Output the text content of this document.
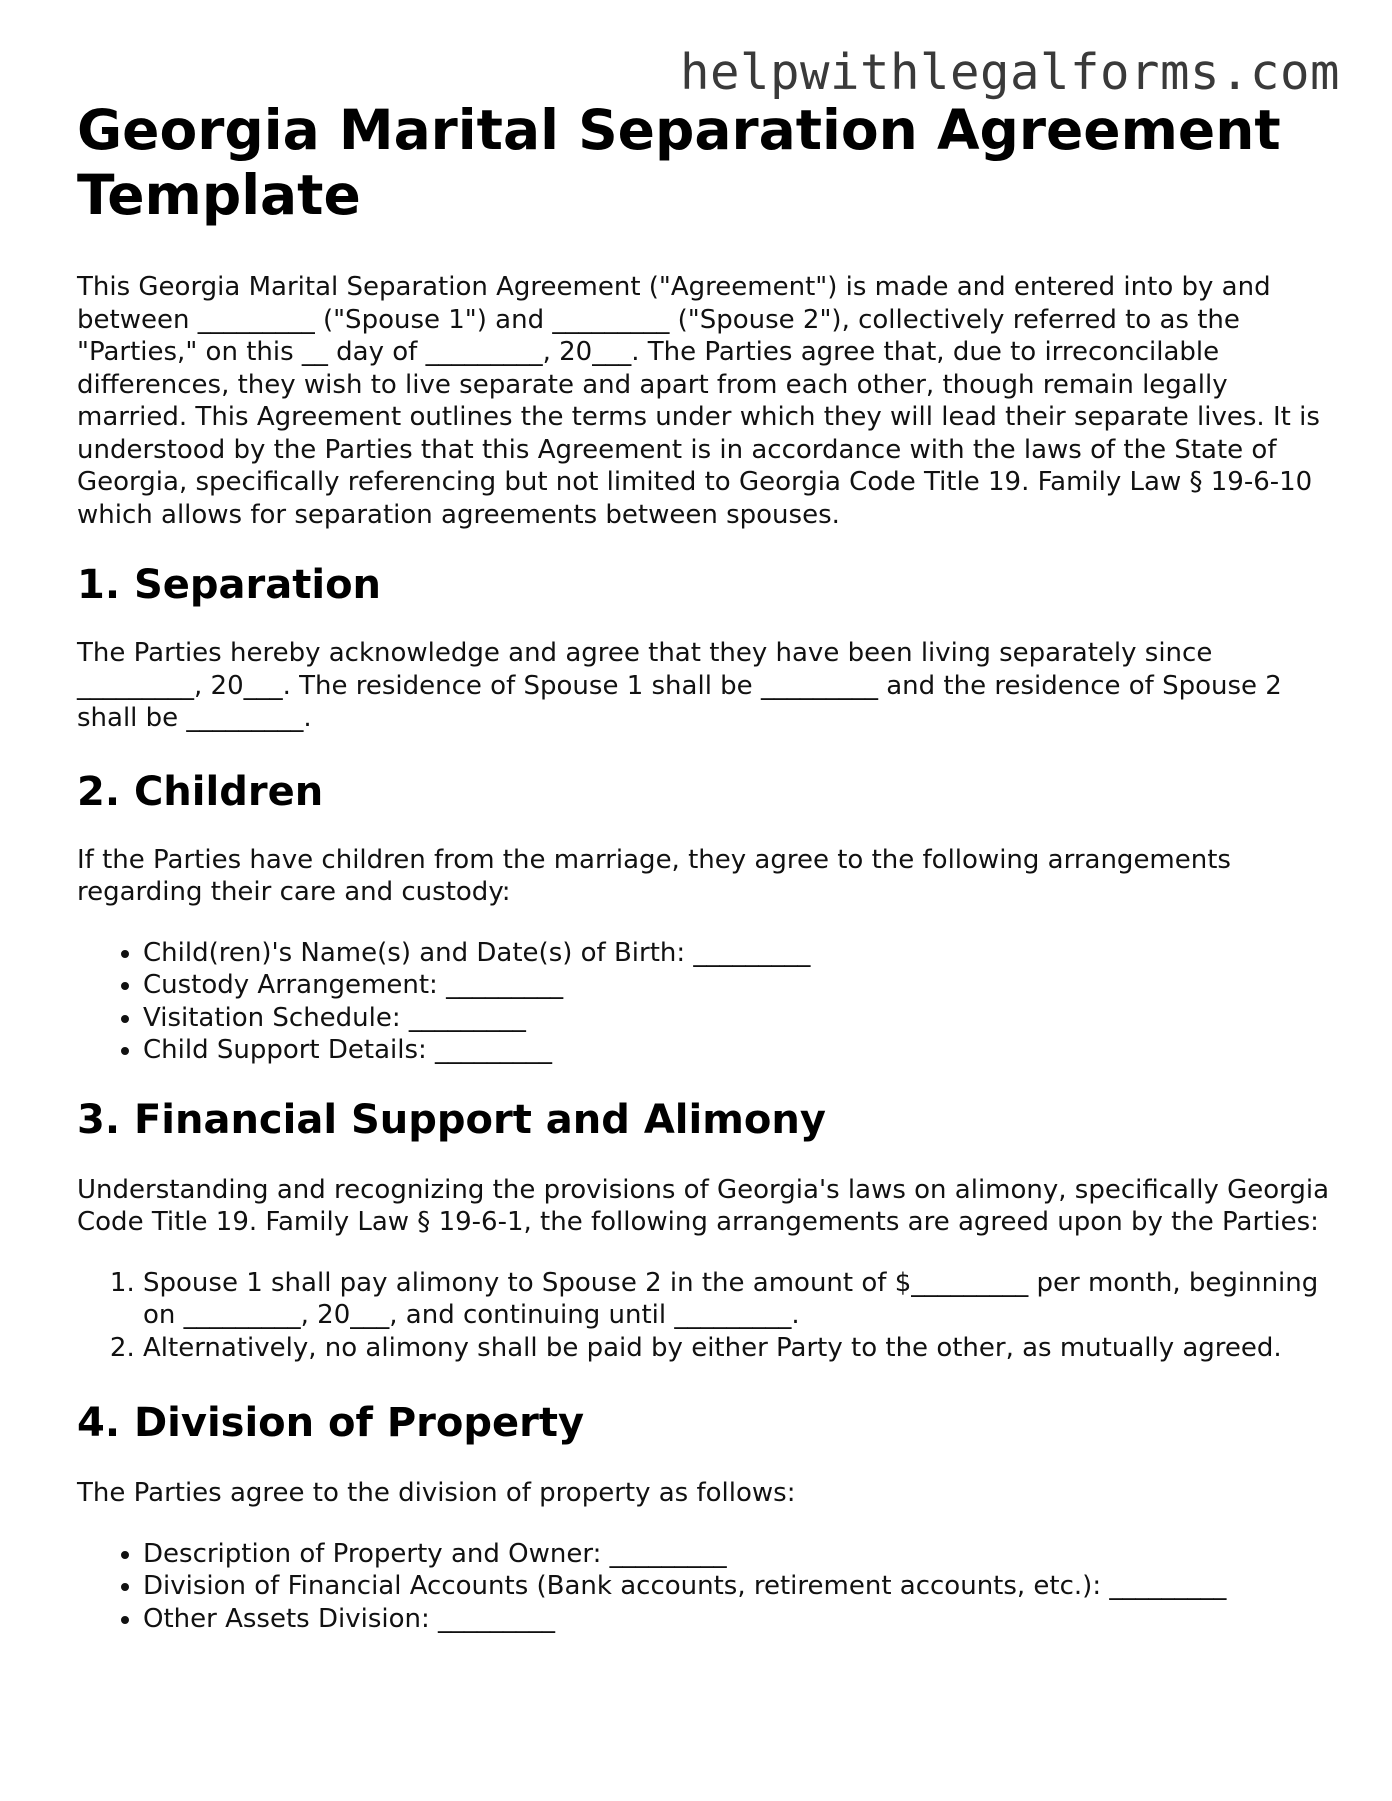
helpwithlegalforms.com
Georgia Marital Separation Agreement Template

This Georgia Marital Separation Agreement ("Agreement") is made and entered into by and between _________ ("Spouse 1") and _________ ("Spouse 2"), collectively referred to as the "Parties," on this __ day of _________, 20___. The Parties agree that, due to irreconcilable differences, they wish to live separate and apart from each other, though remain legally married. This Agreement outlines the terms under which they will lead their separate lives. It is understood by the Parties that this Agreement is in accordance with the laws of the State of Georgia, specifically referencing but not limited to Georgia Code Title 19. Family Law § 19-6-10 which allows for separation agreements between spouses.

1. Separation

The Parties hereby acknowledge and agree that they have been living separately since _________, 20___. The residence of Spouse 1 shall be _________ and the residence of Spouse 2 shall be _________.

2. Children

If the Parties have children from the marriage, they agree to the following arrangements regarding their care and custody:

• Child(ren)'s Name(s) and Date(s) of Birth: _________
• Custody Arrangement: _________
• Visitation Schedule: _________
• Child Support Details: _________
3. Financial Support and Alimony

Understanding and recognizing the provisions of Georgia's laws on alimony, specifically Georgia Code Title 19. Family Law § 19-6-1, the following arrangements are agreed upon by the Parties:

1. Spouse 1 shall pay alimony to Spouse 2 in the amount of $_________ per month, beginning on _________, 20___, and continuing until _________.
2. Alternatively, no alimony shall be paid by either Party to the other, as mutually agreed.
4. Division of Property

The Parties agree to the division of property as follows:

• Description of Property and Owner: _________
• Division of Financial Accounts (Bank accounts, retirement accounts, etc.): _________
• Other Assets Division: _________
